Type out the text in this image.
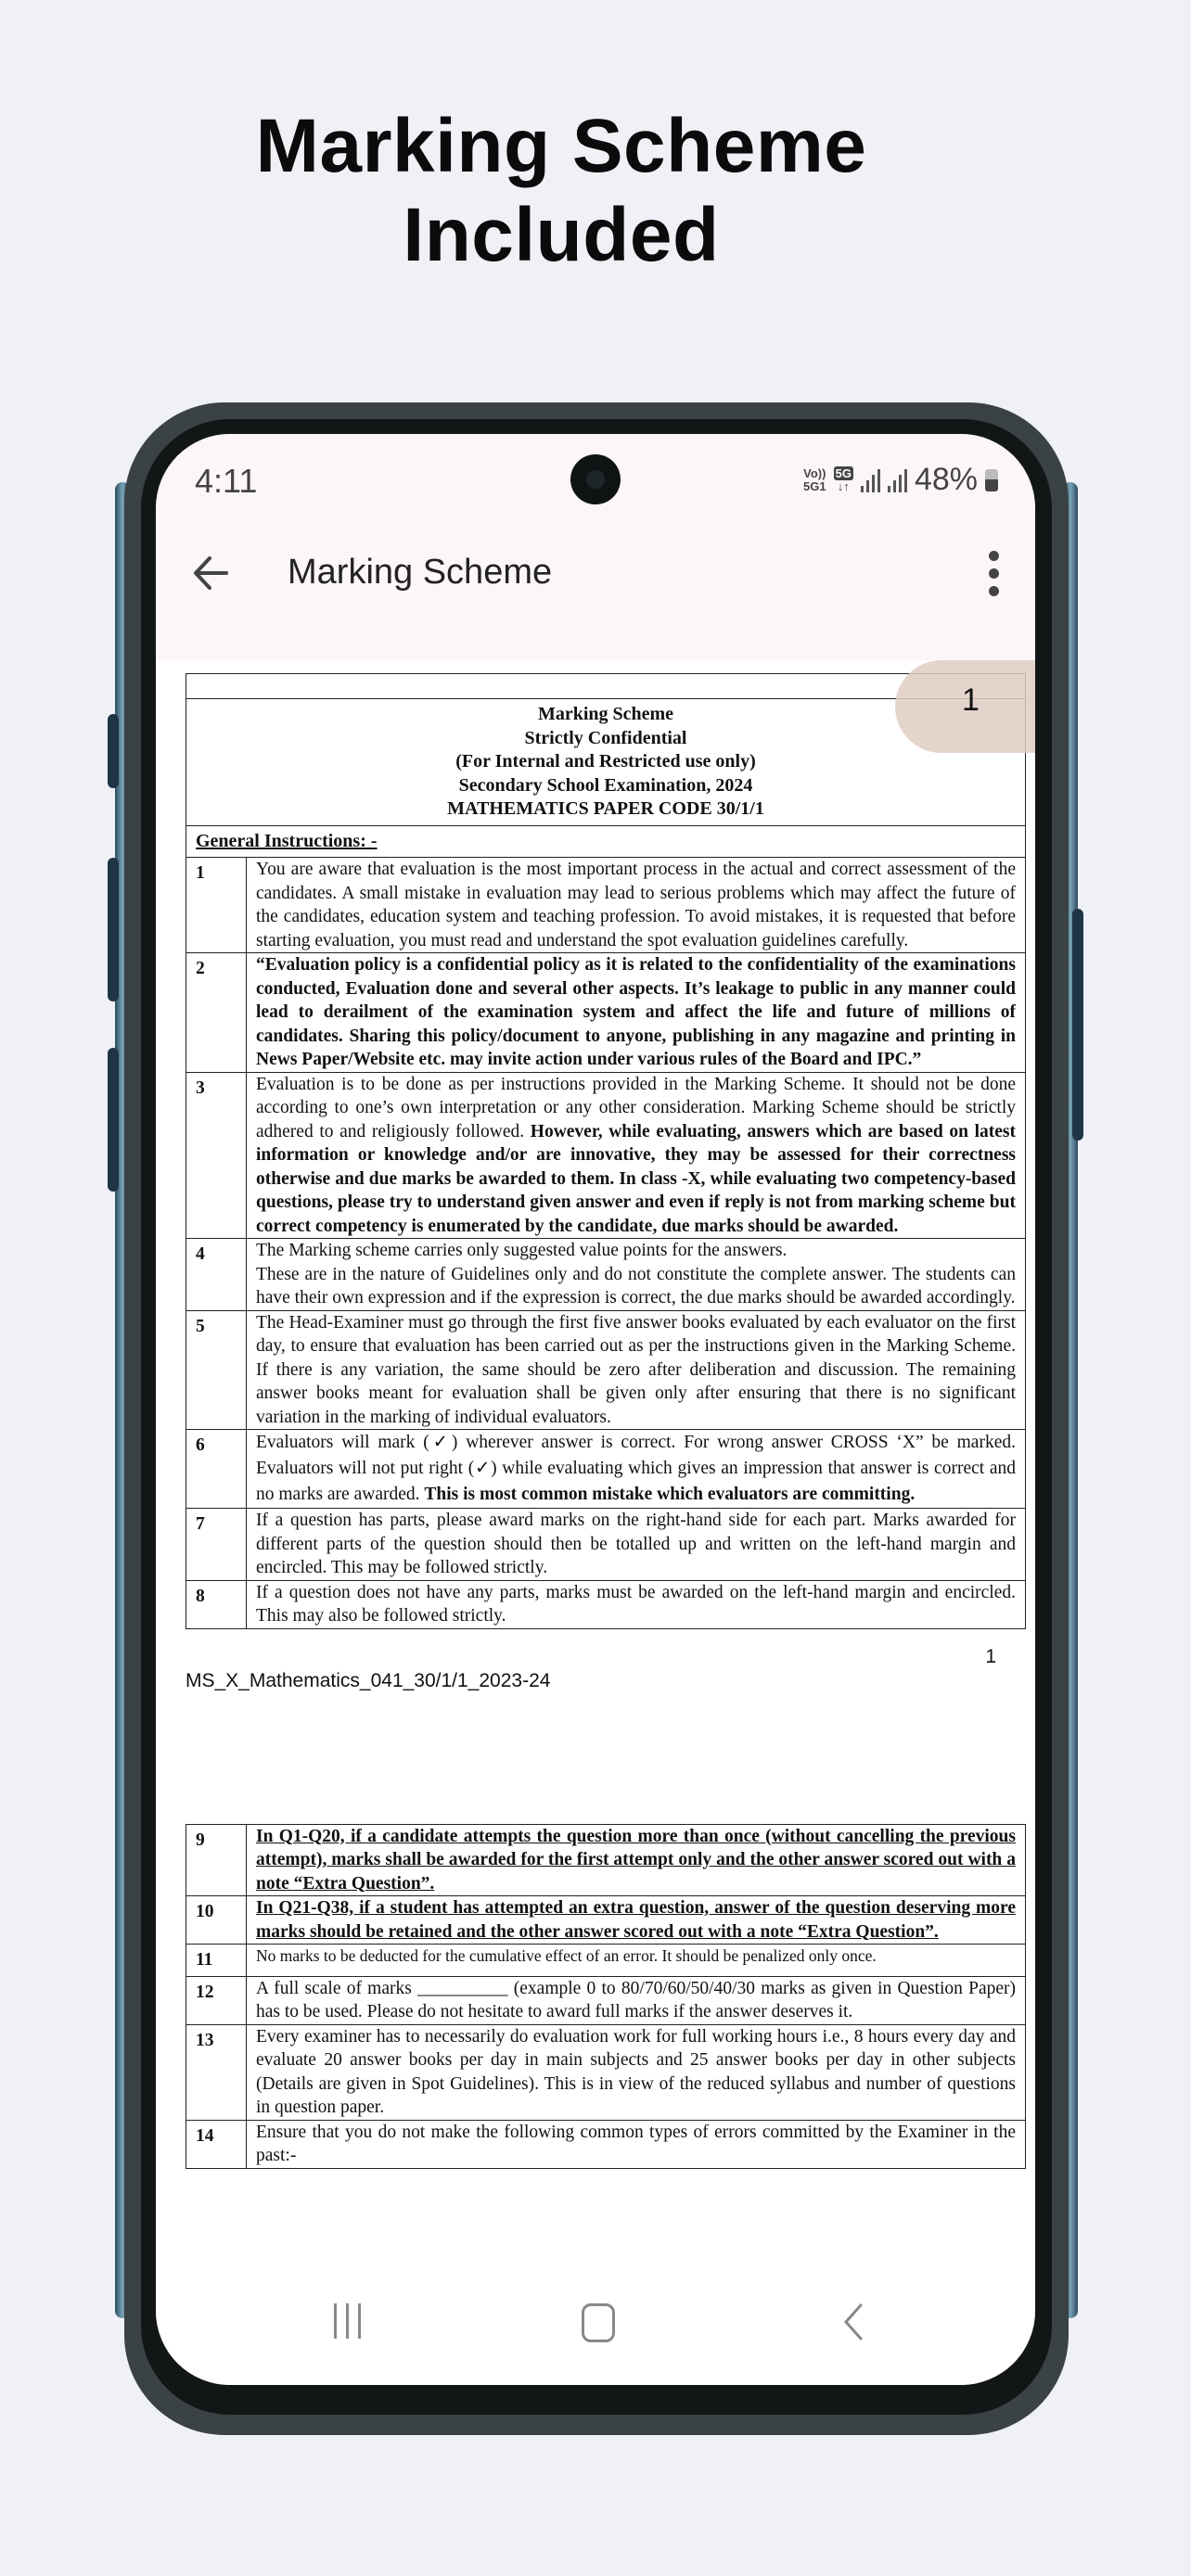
Marking Scheme
Included
4:11	Vo))
5G1
5G
↓↑ 48%
Marking Scheme
1

Marking Scheme
Strictly Confidential
(For Internal and Restricted use only)
Secondary School Examination, 2024
MATHEMATICS PAPER CODE 30/1/1	

General Instructions: -	
1	You are aware that evaluation is the most important process in the actual and correct assessment of the candidates. A small mistake in evaluation may lead to serious problems which may affect the future of the candidates, education system and teaching profession. To avoid mistakes, it is requested that before starting evaluation, you must read and understand the spot evaluation guidelines carefully.
2	“Evaluation policy is a confidential policy as it is related to the confidentiality of the examinations conducted, Evaluation done and several other aspects. It’s leakage to public in any manner could lead to derailment of the examination system and affect the life and future of millions of candidates. Sharing this policy/document to anyone, publishing in any magazine and printing in News Paper/Website etc. may invite action under various rules of the Board and IPC.”
3	Evaluation is to be done as per instructions provided in the Marking Scheme. It should not be done according to one’s own interpretation or any other consideration. Marking Scheme should be strictly adhered to and religiously followed. However, while evaluating, answers which are based on latest information or knowledge and/or are innovative, they may be assessed for their correctness otherwise and due marks be awarded to them. In class -X, while evaluating two competency-based questions, please try to understand given answer and even if reply is not from marking scheme but correct competency is enumerated by the candidate, due marks should be awarded.
4	The Marking scheme carries only suggested value points for the answers.
These are in the nature of Guidelines only and do not constitute the complete answer. The students can have their own expression and if the expression is correct, the due marks should be awarded accordingly.

5	The Head-Examiner must go through the first five answer books evaluated by each evaluator on the first day, to ensure that evaluation has been carried out as per the instructions given in the Marking Scheme. If there is any variation, the same should be zero after deliberation and discussion. The remaining answer books meant for evaluation shall be given only after ensuring that there is no significant variation in the marking of individual evaluators.
6	Evaluators will mark (✓) wherever answer is correct. For wrong answer CROSS ‘X” be marked. Evaluators will not put right (✓) while evaluating which gives an impression that answer is correct and no marks are awarded. This is most common mistake which evaluators are committing.
7	If a question has parts, please award marks on the right-hand side for each part. Marks awarded for different parts of the question should then be totalled up and written on the left-hand margin and encircled. This may be followed strictly.
8	If a question does not have any parts, marks must be awarded on the left-hand margin and encircled. This may also be followed strictly.
1
MS_X_Mathematics_041_30/1/1_2023-24
9	In Q1-Q20, if a candidate attempts the question more than once (without cancelling the previous attempt), marks shall be awarded for the first attempt only and the other answer scored out with a note “Extra Question”.
10	In Q21-Q38, if a student has attempted an extra question, answer of the question deserving more marks should be retained and the other answer scored out with a note “Extra Question”.
11	No marks to be deducted for the cumulative effect of an error. It should be penalized only once.
12	A full scale of marks __________ (example 0 to 80/70/60/50/40/30 marks as given in Question Paper) has to be used. Please do not hesitate to award full marks if the answer deserves it.
13	Every examiner has to necessarily do evaluation work for full working hours i.e., 8 hours every day and evaluate 20 answer books per day in main subjects and 25 answer books per day in other subjects (Details are given in Spot Guidelines). This is in view of the reduced syllabus and number of questions in question paper.
14	Ensure that you do not make the following common types of errors committed by the Examiner in the past:-
